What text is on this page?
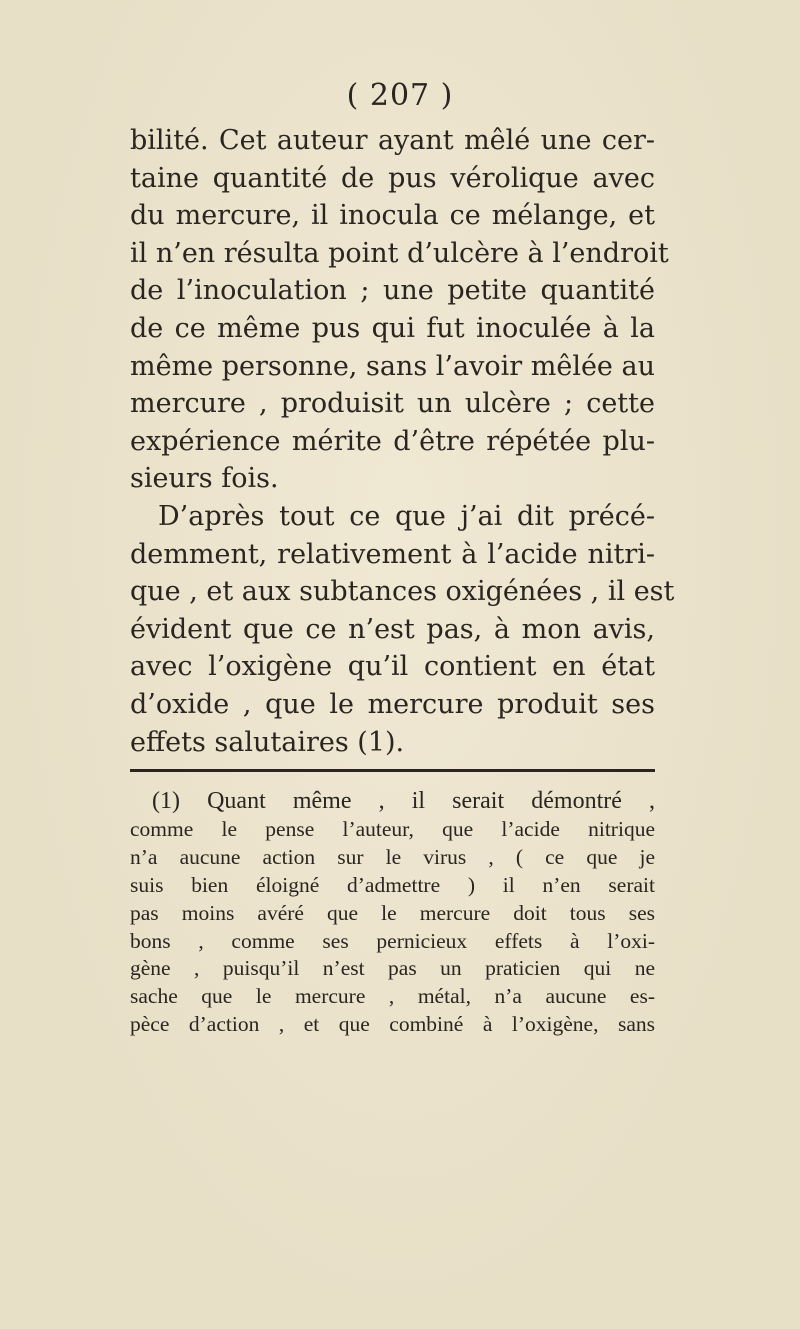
( 207 )
bilité. Cet auteur ayant mêlé une cer-
taine quantité de pus vérolique avec
du mercure, il inocula ce mélange, et
il n’en résulta point d’ulcère à l’endroit
de l’inoculation ; une petite quantité
de ce même pus qui fut inoculée à la
même personne, sans l’avoir mêlée au
mercure , produisit un ulcère ; cette
expérience mérite d’être répétée plu-
sieurs fois.
D’après tout ce que j’ai dit précé-
demment, relativement à l’acide nitri-
que , et aux subtances oxigénées , il est
évident que ce n’est pas, à mon avis,
avec l’oxigène qu’il contient en état
d’oxide , que le mercure produit ses
effets salutaires (1).
(1) Quant même , il serait démontré ,
comme le pense l’auteur, que l’acide nitrique
n’a aucune action sur le virus , ( ce que je
suis bien éloigné d’admettre ) il n’en serait
pas moins avéré que le mercure doit tous ses
bons , comme ses pernicieux effets à l’oxi-
gène , puisqu’il n’est pas un praticien qui ne
sache que le mercure , métal, n’a aucune es-
pèce d’action , et que combiné à l’oxigène, sans
